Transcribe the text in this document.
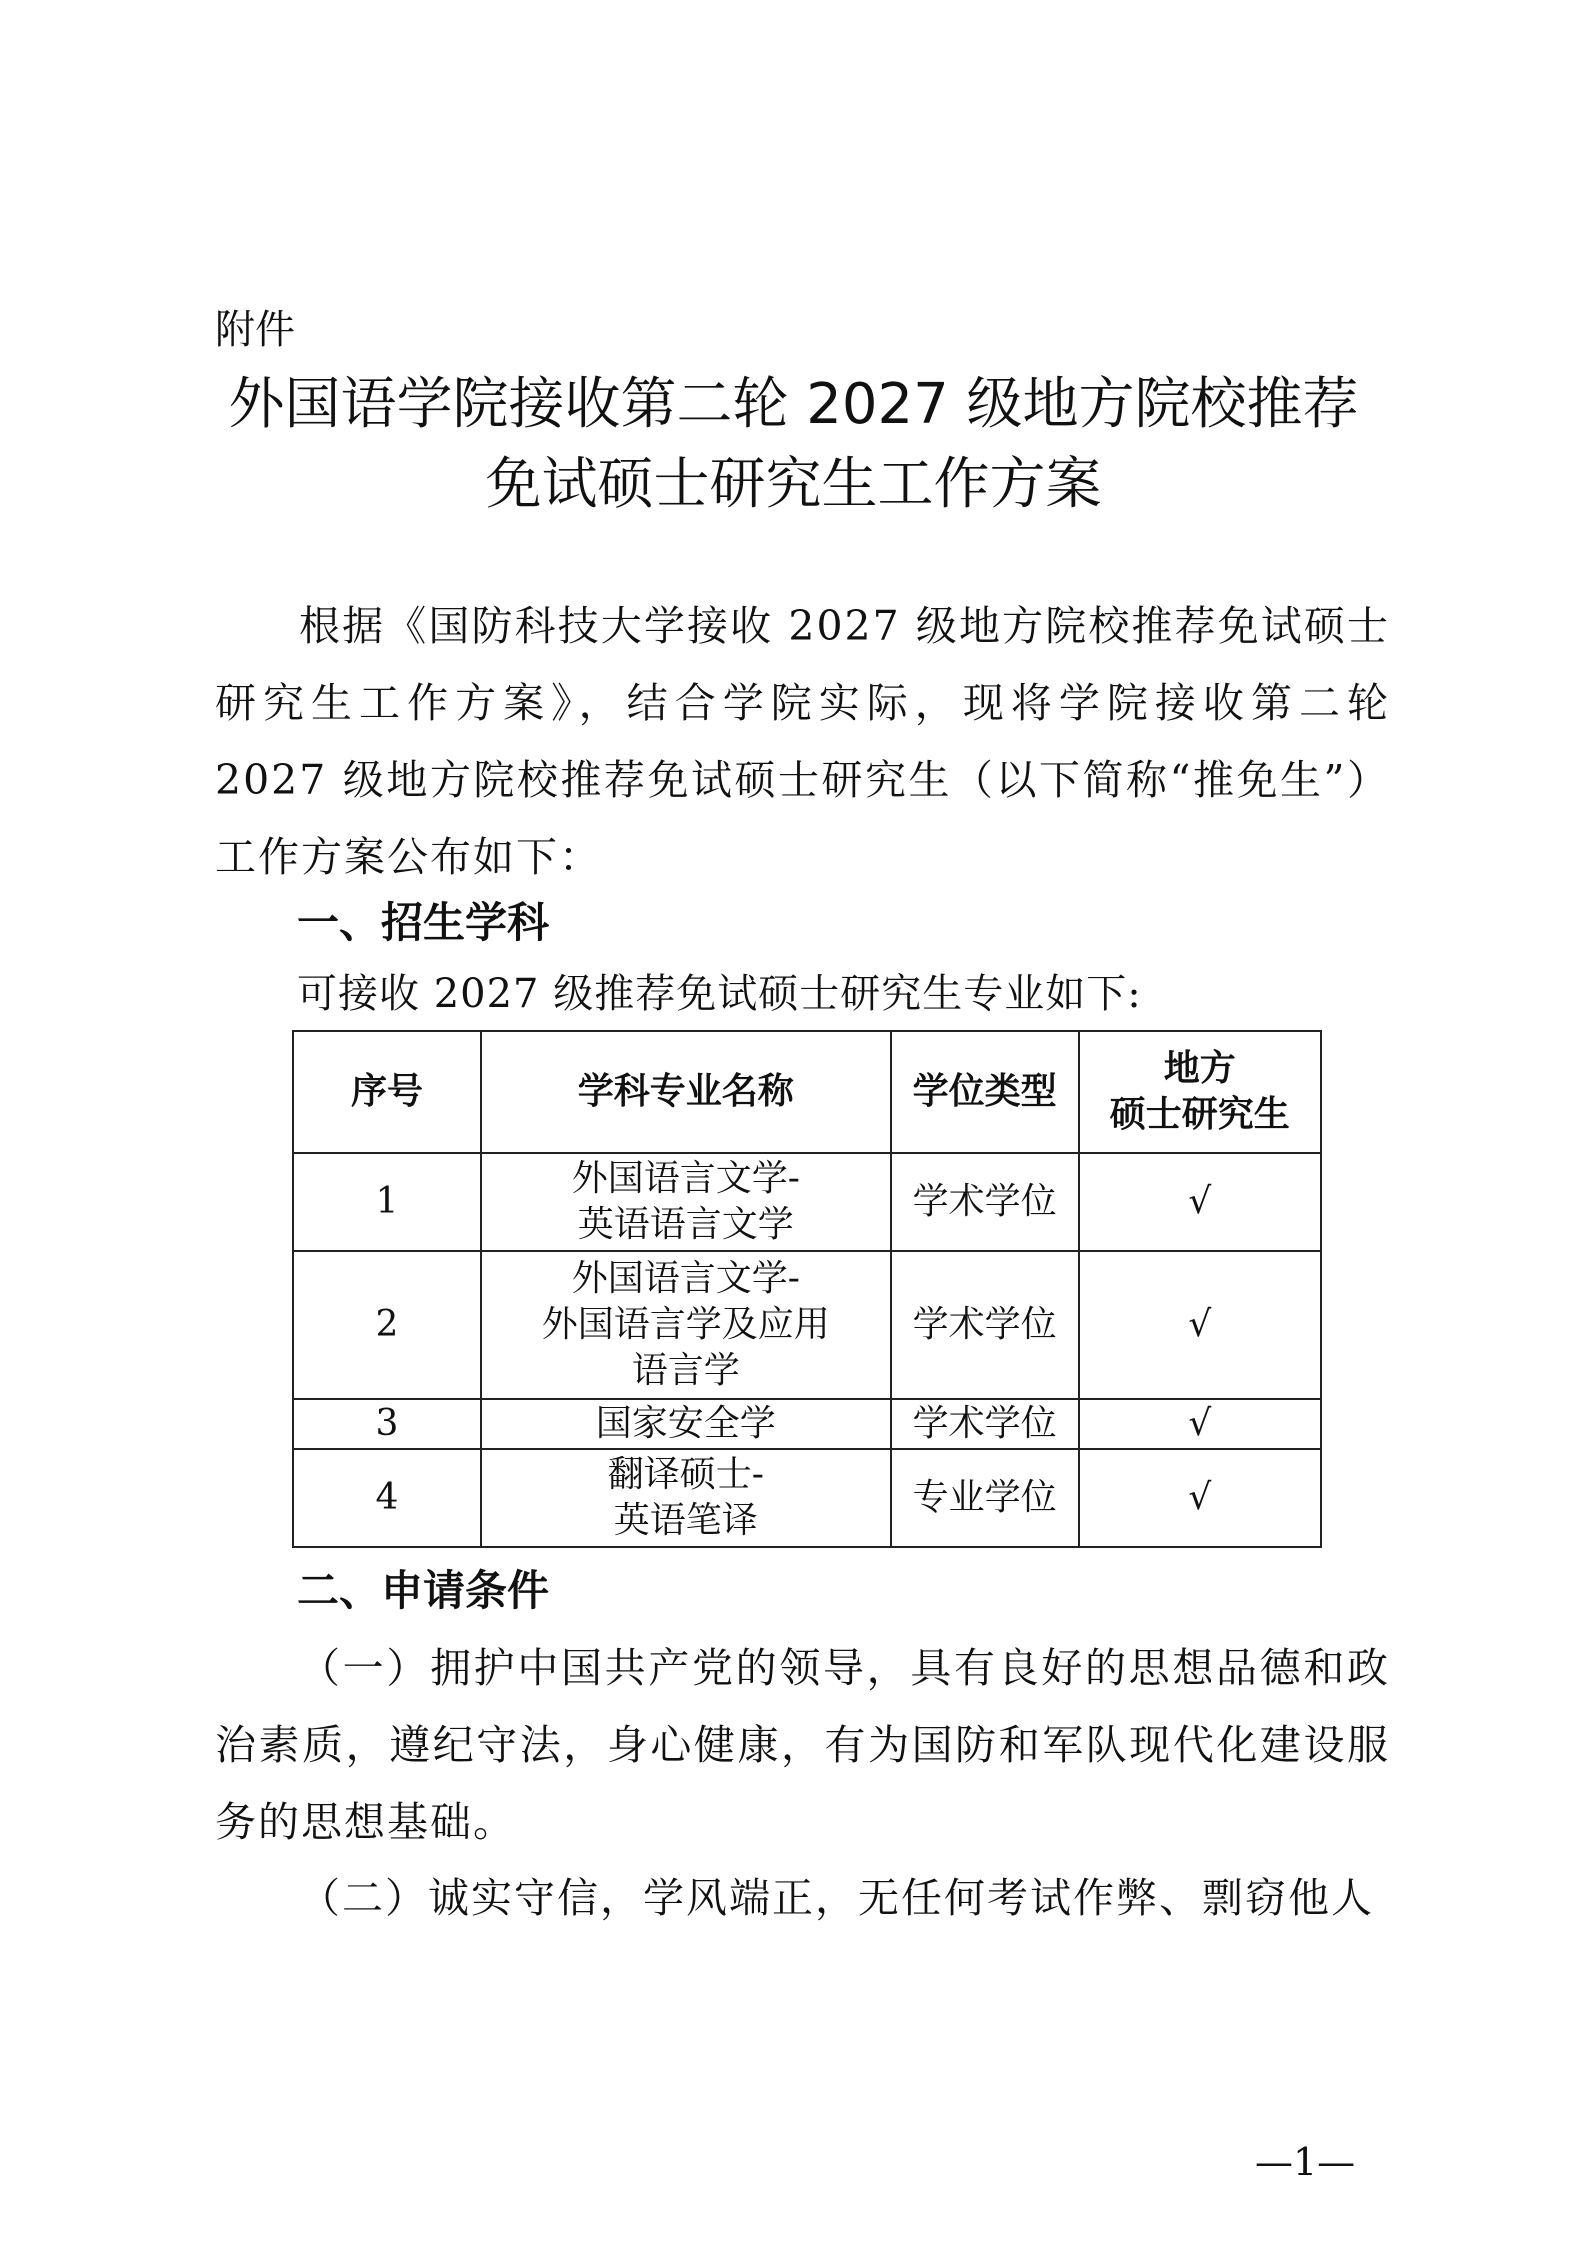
附件
外国语学院接收第二轮 2027 级地方院校推荐
免试硕士研究生工作方案
根据《国防科技大学接收 2027 级地方院校推荐免试硕士研究生工作方案》，结合学院实际，现将学院接收第二轮 2027 级地方院校推荐免试硕士研究生（以下简称“推免生”）工作方案公布如下：
一、招生学科
可接收 2027 级推荐免试硕士研究生专业如下:
序号	学科专业名称	学位类型	地方
硕士研究生

1	外国语言文学-
英语语言文学	学术学位	√
2	外国语言文学-
外国语言学及应用
语言学	学术学位	√
3	国家安全学	学术学位	√
4	翻译硕士-
英语笔译	专业学位	√
二、申请条件
（一）拥护中国共产党的领导，具有良好的思想品德和政治素质，遵纪守法，身心健康，有为国防和军队现代化建设服务的思想基础。
（二）诚实守信，学风端正，无任何考试作弊、剽窃他人
—1—
